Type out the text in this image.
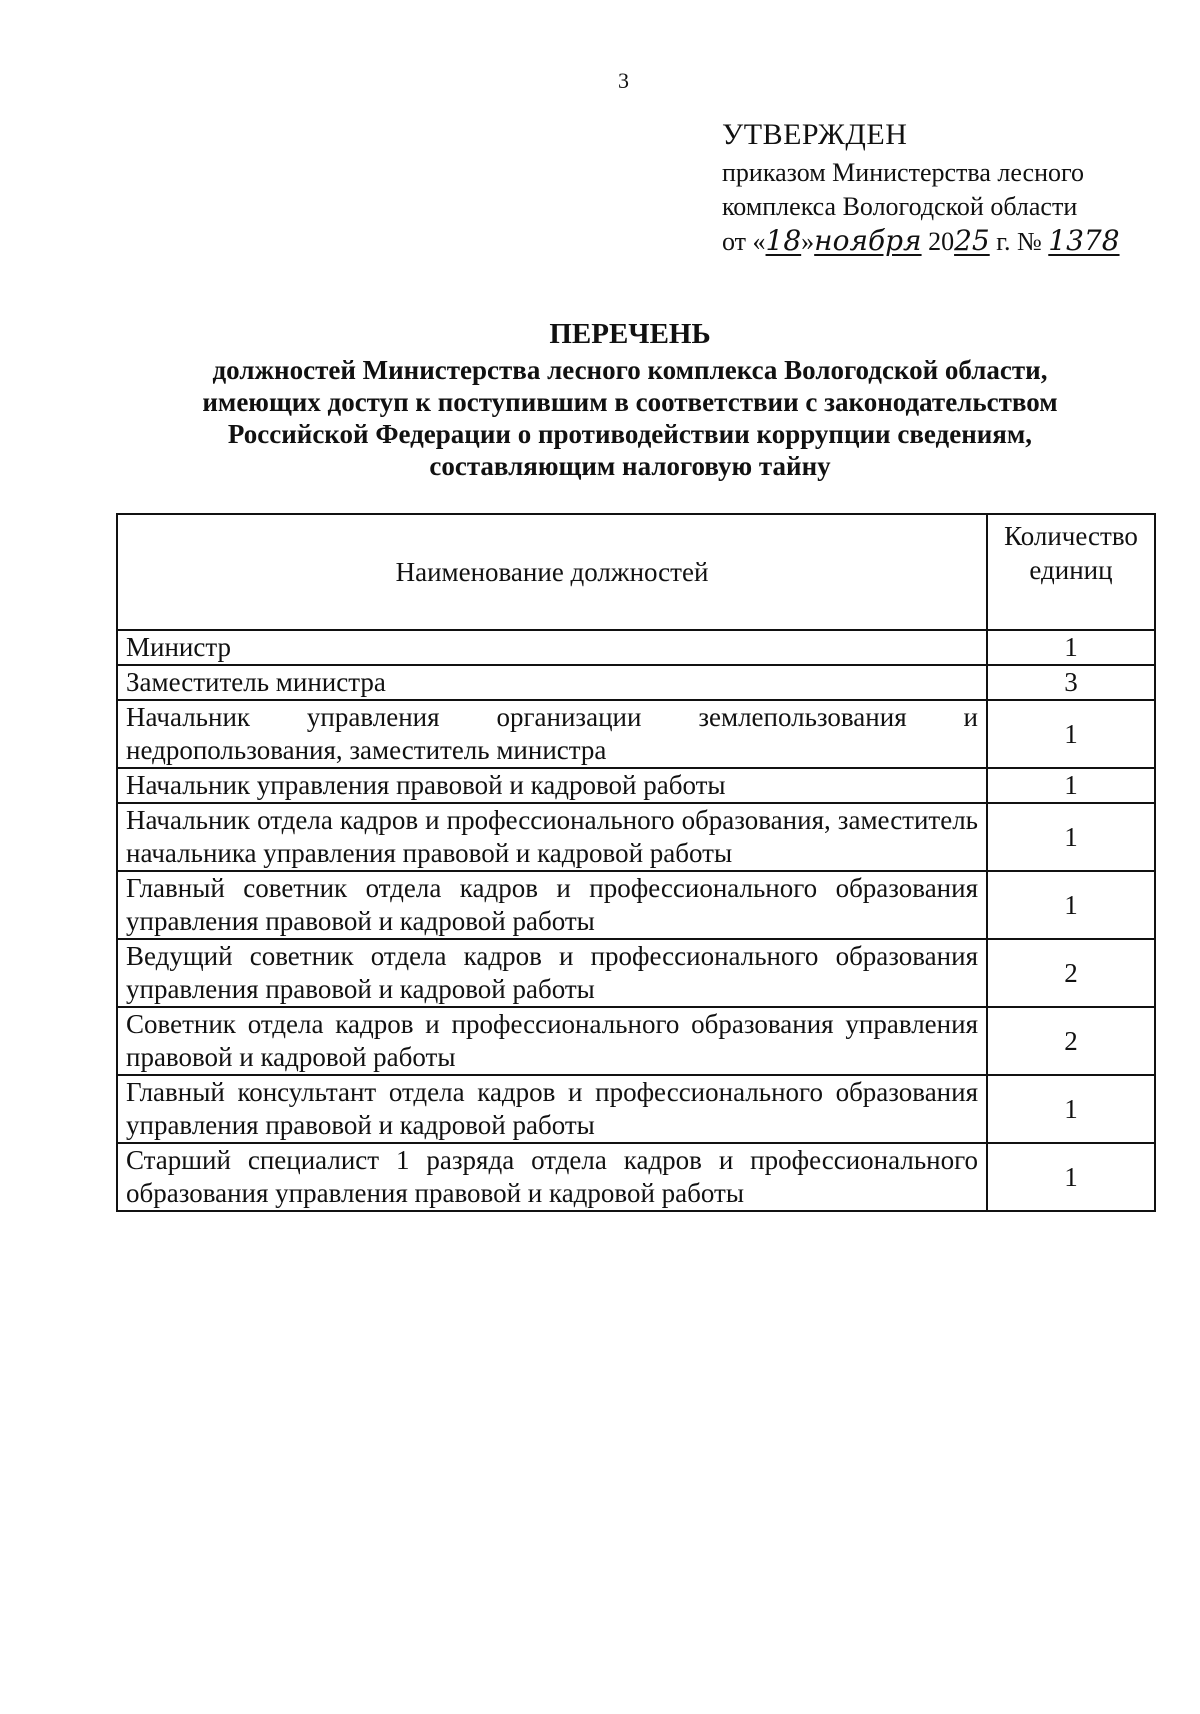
3
УТВЕРЖДЕН
приказом Министерства лесного
комплекса Вологодской области
от «18»ноября 2025 г. № 1378
ПЕРЕЧЕНЬ
должностей Министерства лесного комплекса Вологодской области,
имеющих доступ к поступившим в соответствии с законодательством
Российской Федерации о противодействии коррупции сведениям,
составляющим налоговую тайну
Наименование должностей	Количество
единиц

Министр	1
Заместитель министра	3
Начальник управления организации землепользования и недропользования, заместитель министра	1
Начальник управления правовой и кадровой работы	1
Начальник отдела кадров и профессионального образования, заместитель начальника управления правовой и кадровой работы	1
Главный советник отдела кадров и профессионального образования управления правовой и кадровой работы	1
Ведущий советник отдела кадров и профессионального образования управления правовой и кадровой работы	2
Советник отдела кадров и профессионального образования управления правовой и кадровой работы	2
Главный консультант отдела кадров и профессионального образования управления правовой и кадровой работы	1
Старший специалист 1 разряда отдела кадров и профессионального образования управления правовой и кадровой работы	1
